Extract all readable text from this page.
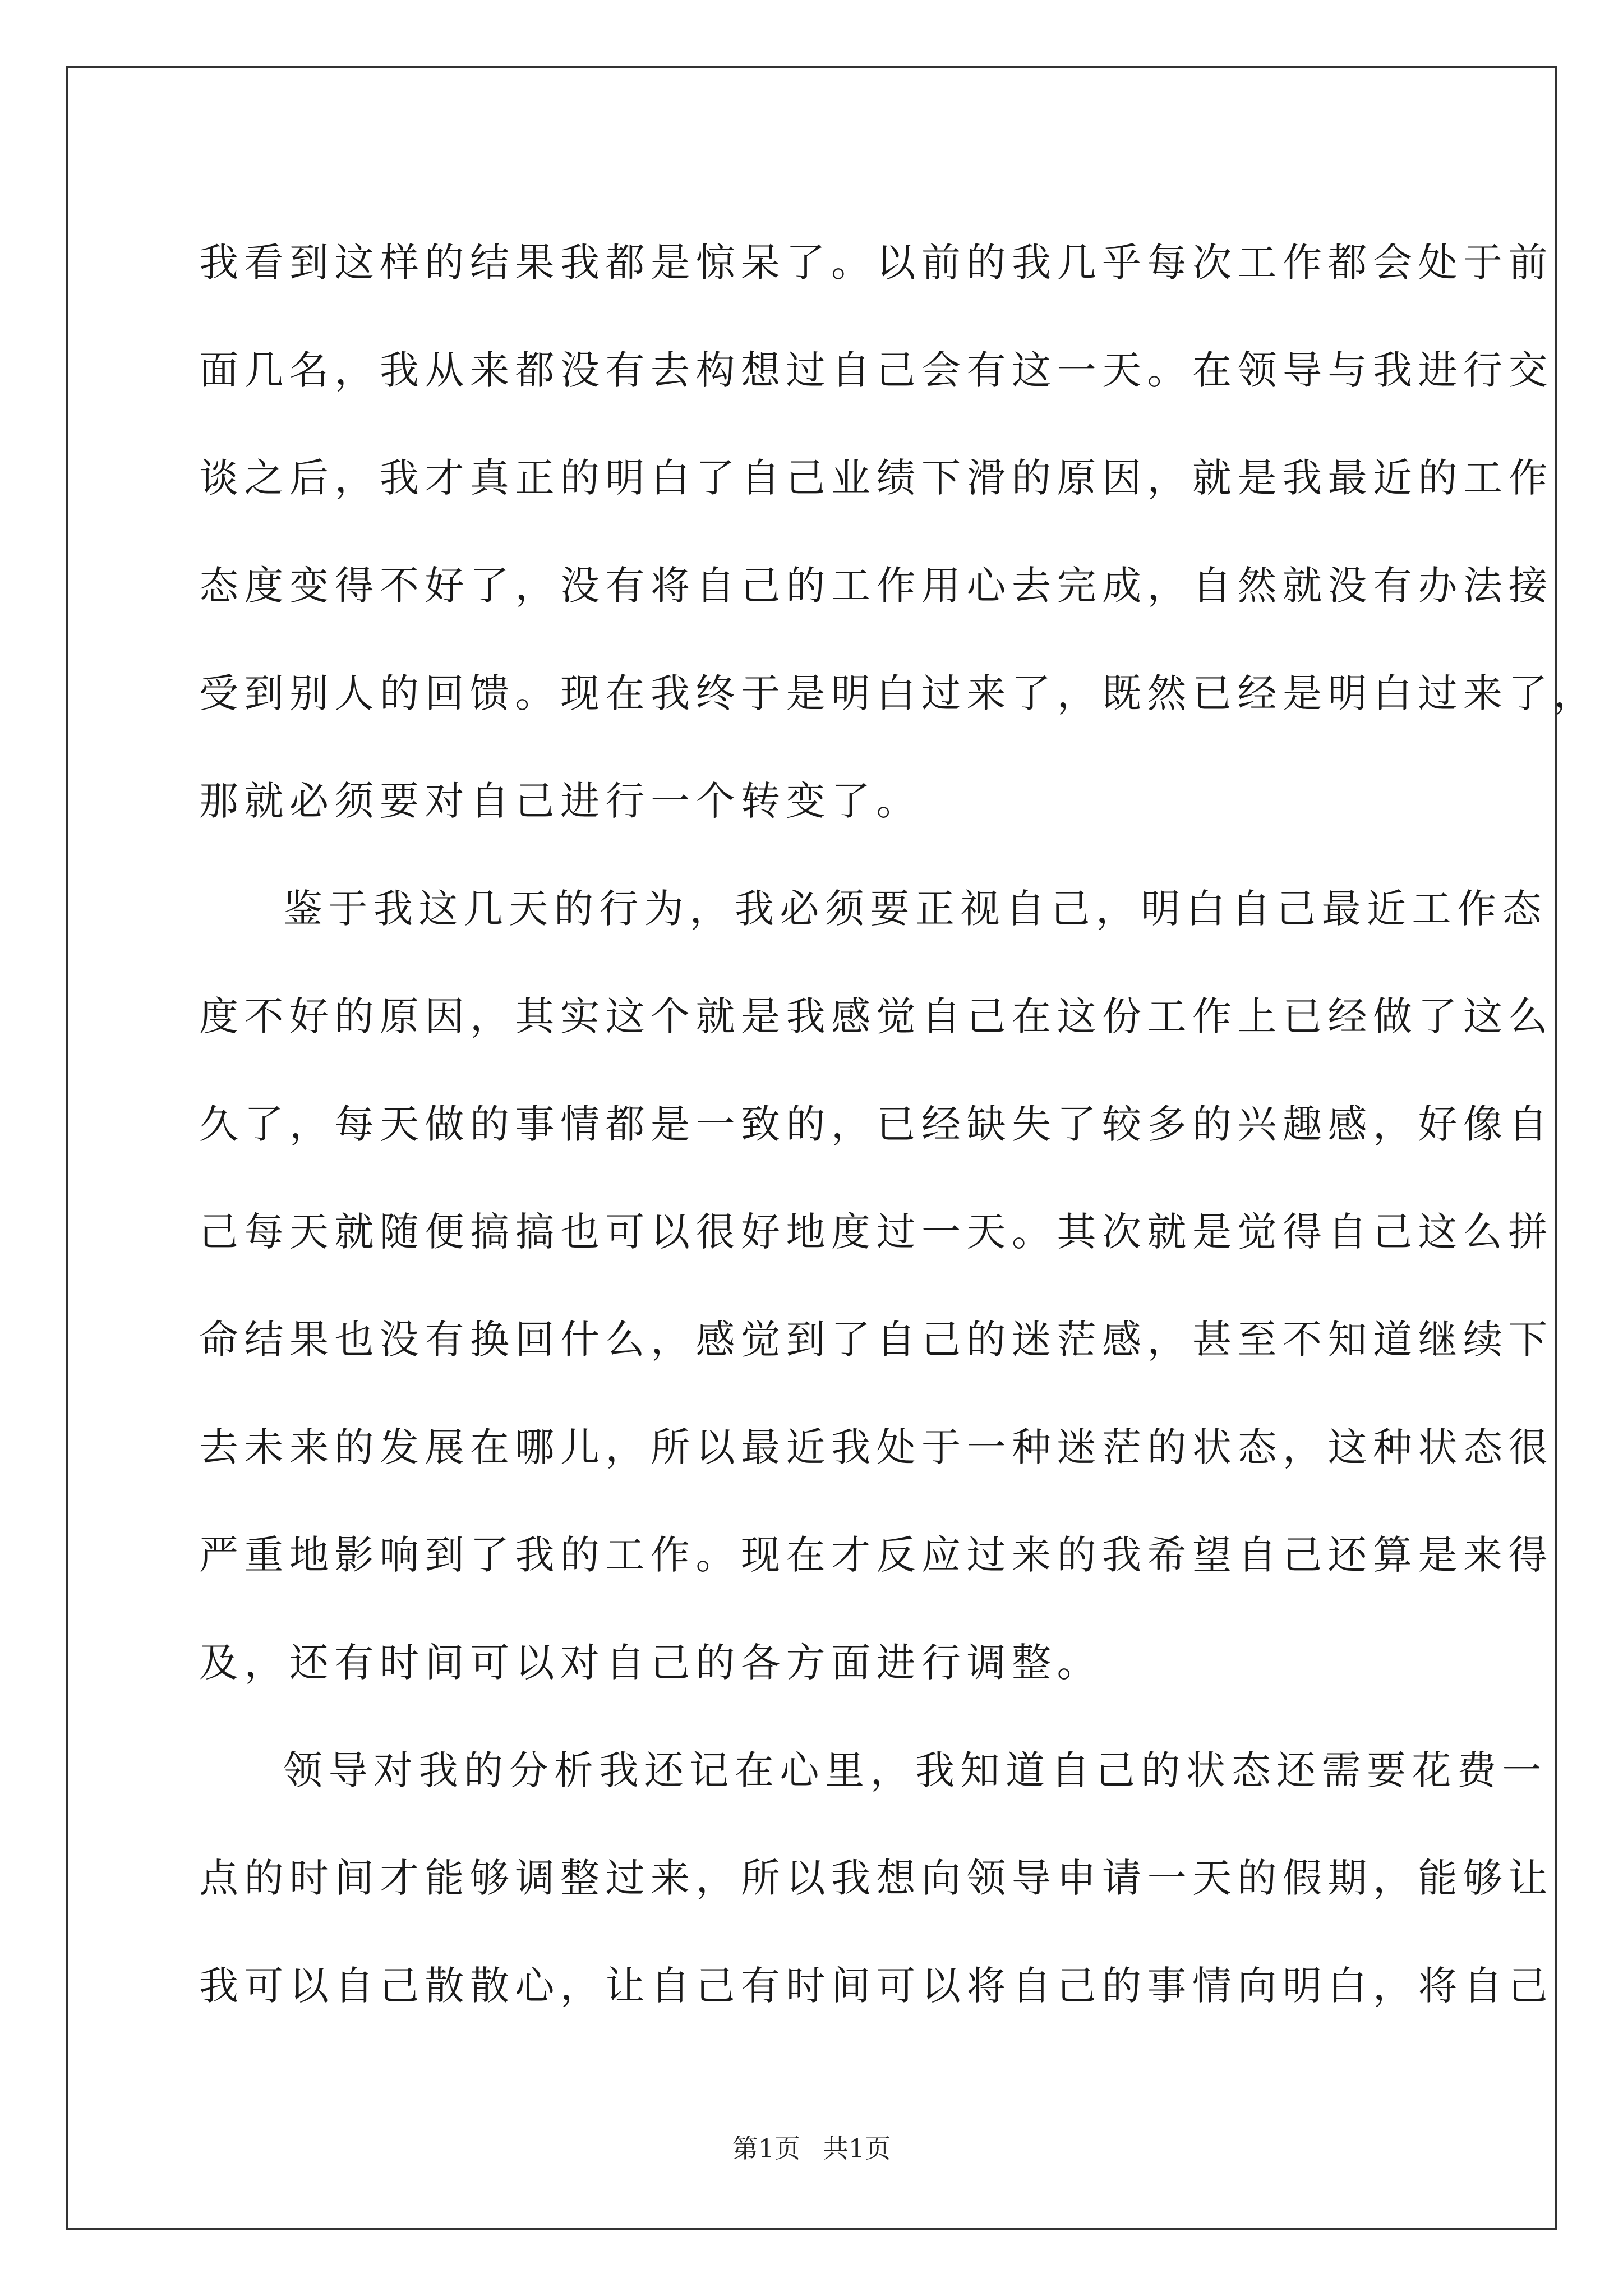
我看到这样的结果我都是惊呆了。以前的我几乎每次工作都会处于前
面几名，我从来都没有去构想过自己会有这一天。在领导与我进行交
谈之后，我才真正的明白了自己业绩下滑的原因，就是我最近的工作
态度变得不好了，没有将自己的工作用心去完成，自然就没有办法接
受到别人的回馈。现在我终于是明白过来了，既然已经是明白过来了，
那就必须要对自己进行一个转变了。
鉴于我这几天的行为，我必须要正视自己，明白自己最近工作态
度不好的原因，其实这个就是我感觉自己在这份工作上已经做了这么
久了，每天做的事情都是一致的，已经缺失了较多的兴趣感，好像自
己每天就随便搞搞也可以很好地度过一天。其次就是觉得自己这么拼
命结果也没有换回什么，感觉到了自己的迷茫感，甚至不知道继续下
去未来的发展在哪儿，所以最近我处于一种迷茫的状态，这种状态很
严重地影响到了我的工作。现在才反应过来的我希望自己还算是来得
及，还有时间可以对自己的各方面进行调整。
领导对我的分析我还记在心里，我知道自己的状态还需要花费一
点的时间才能够调整过来，所以我想向领导申请一天的假期，能够让
我可以自己散散心，让自己有时间可以将自己的事情向明白，将自己
第1页 共1页
